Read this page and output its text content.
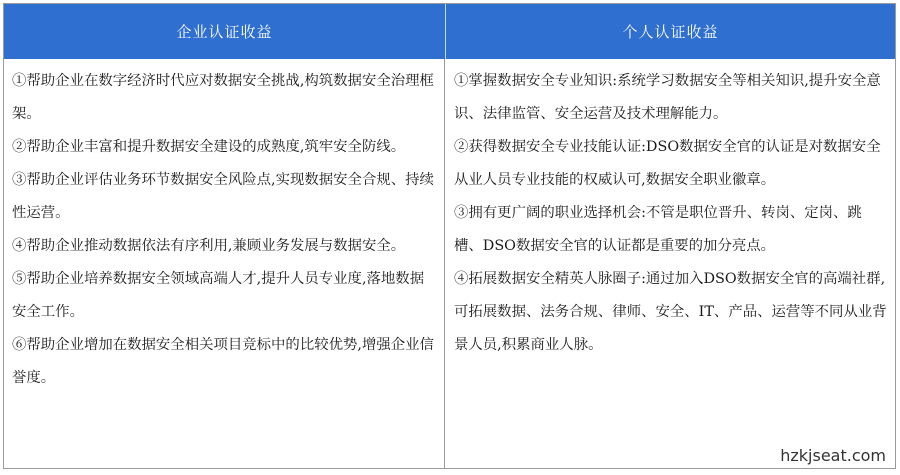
企业认证收益	个人认证收益

①帮助企业在数字经济时代应对数据安全挑战,构筑数据安全治理框架。

②帮助企业丰富和提升数据安全建设的成熟度,筑牢安全防线。

③帮助企业评估业务环节数据安全风险点,实现数据安全合规、持续性运营。

④帮助企业推动数据依法有序利用,兼顾业务发展与数据安全。

⑤帮助企业培养数据安全领域高端人才,提升人员专业度,落地数据安全工作。

⑥帮助企业增加在数据安全相关项目竞标中的比较优势,增强企业信誉度。

①掌握数据安全专业知识:系统学习数据安全等相关知识,提升安全意识、法律监管、安全运营及技术理解能力。

②获得数据安全专业技能认证:DSO数据安全官的认证是对数据安全从业人员专业技能的权威认可,数据安全职业徽章。

③拥有更广阔的职业选择机会:不管是职位晋升、转岗、定岗、跳槽、DSO数据安全官的认证都是重要的加分亮点。

④拓展数据安全精英人脉圈子:通过加入DSO数据安全官的高端社群,可拓展数据、法务合规、律师、安全、IT、产品、运营等不同从业背景人员,积累商业人脉。

hzkjseat.com
